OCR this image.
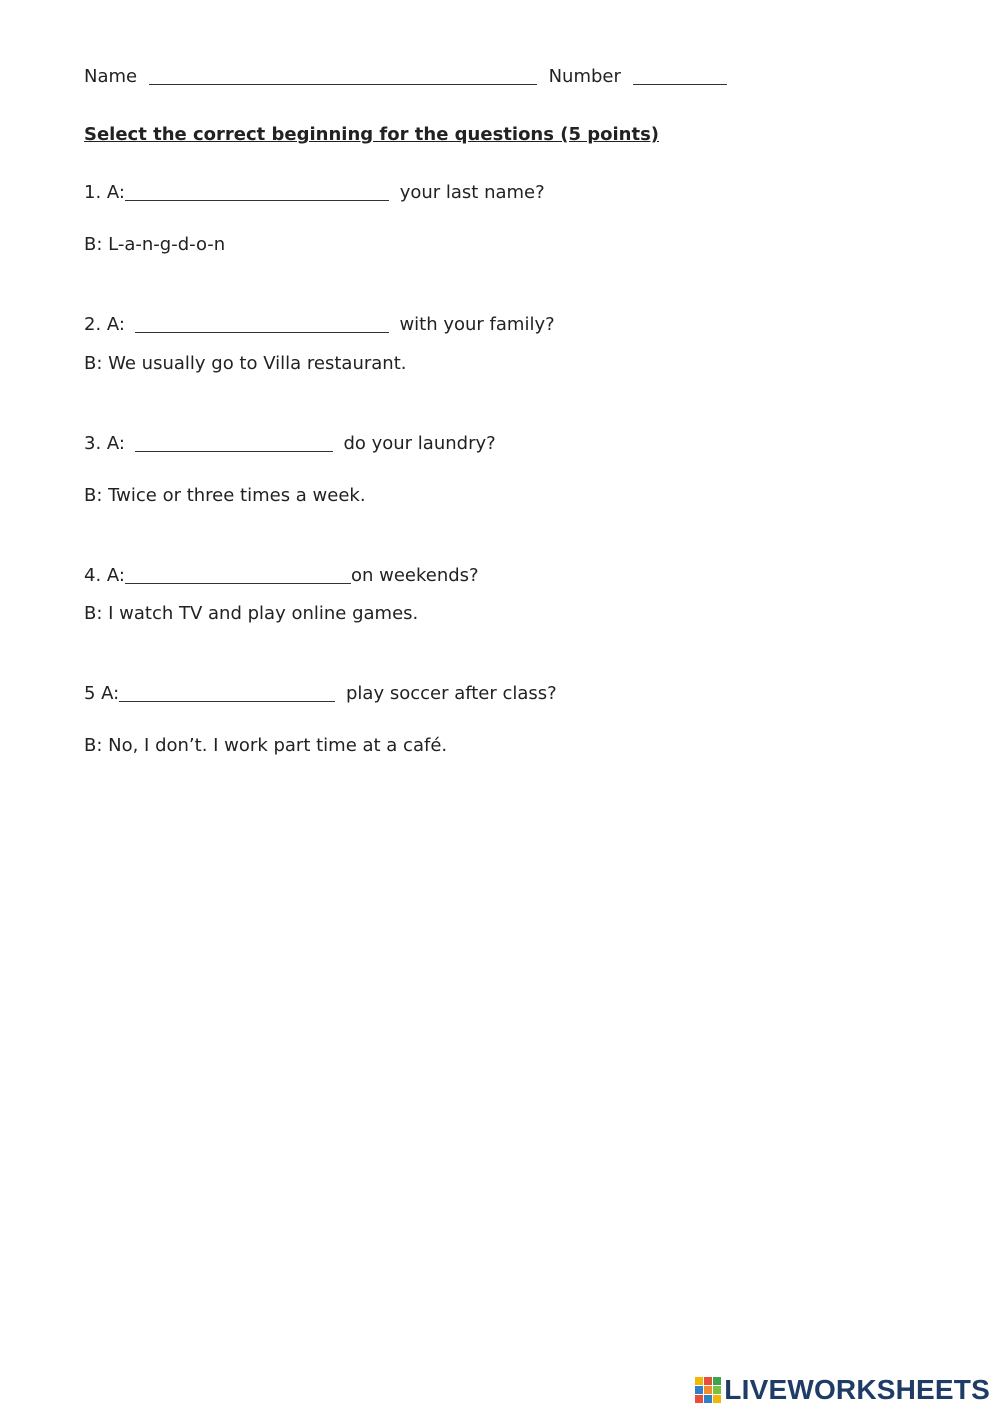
Name	Number
Select the correct beginning for the questions (5 points)
1. A:	your last name?
B: L-a-n-g-d-o-n
2. A:	with your family?
B: We usually go to Villa restaurant.
3. A:	do your laundry?
B: Twice or three times a week.
4. A:	on weekends?
B: I watch TV and play online games.
5 A:	play soccer after class?
B: No, I don’t. I work part time at a café.
LIVEWORKSHEETS
